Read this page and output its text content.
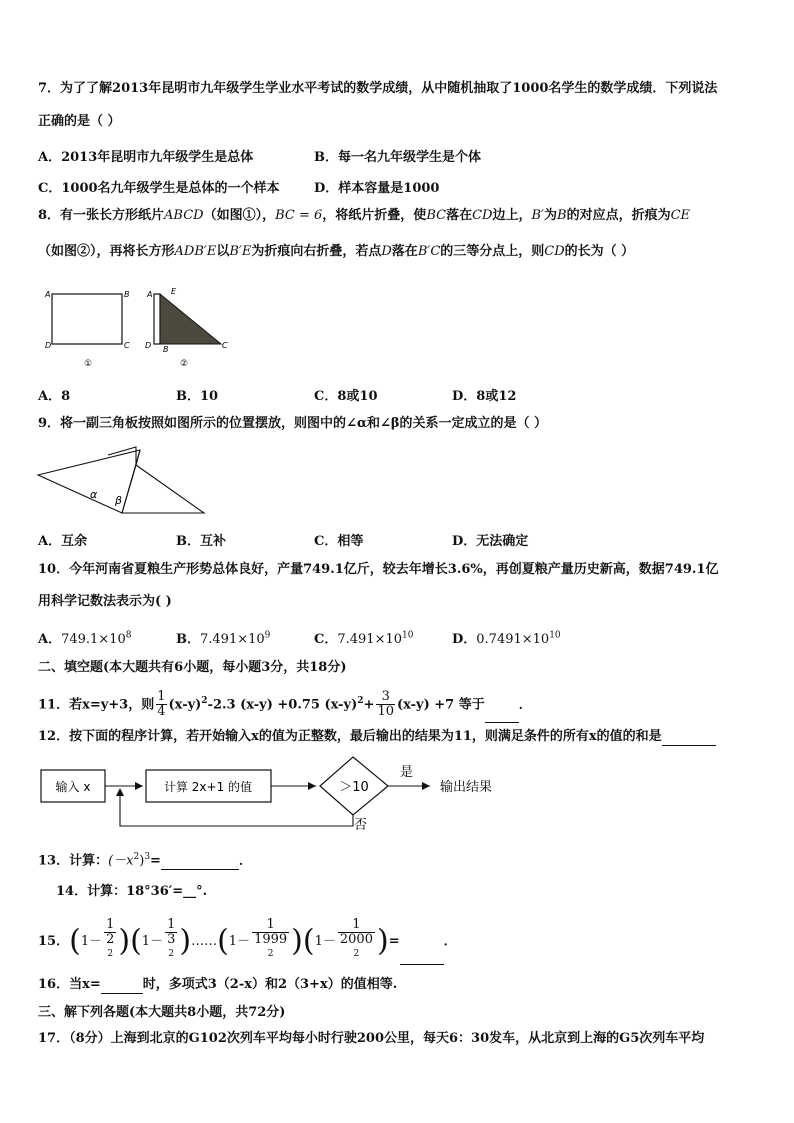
7．为了了解2013年昆明市九年级学生学业水平考试的数学成绩，从中随机抽取了1000名学生的数学成绩．下列说法
正确的是（ ）
A．2013年昆明市九年级学生是总体	B．每一名九年级学生是个体
C．1000名九年级学生是总体的一个样本	D．样本容量是1000
8．有一张长方形纸片ABCD（如图①），BC = 6，将纸片折叠，使BC落在CD边上，B′为B的对应点，折痕为CE
（如图②），再将长方形ADB′E以B′E为折痕向右折叠，若点D落在B′C的三等分点上，则CD的长为（ ）
A	B
D	C
①
A E
D B	C
②
A．8	B．10	C．8或10	D．8或12
9．将一副三角板按照如图所示的位置摆放，则图中的∠α和∠β的关系一定成立的是（ ）
α β
A．互余	B．互补	C．相等	D．无法确定
10．今年河南省夏粮生产形势总体良好，产量749.1亿斤，较去年增长3.6%，再创夏粮产量历史新高，数据749.1亿
用科学记数法表示为( )
A．$749.1\times 10^8$	B．$7.491\times 10^9$	C．$7.491\times 10^{10}$	D．$0.7491\times 10^{10}$
二、填空题(本大题共有6小题，每小题3分，共18分)
11．若x=y+3，则 $\frac{1}{4} (x-y)^2-2.3$ (x-y) +0.75 $(x-y)^2+ \frac{3}{10} (x-y) +7$ 等于	．
12．按下面的程序计算，若开始输入x的值为正整数，最后输出的结果为11，则满足条件的所有x的值的和是
输入 x	计算 2x+1 的值	＞10
是
输出结果
否
13．计算：$(-x^2)^3=$	．
14．计算：18°36′=__°.
15．(1－ 1
2
$^2$ )(1－ 1
3
$^2$ )……(1－ 1
1999
$^2$ )(1－ 1
2000
$^2$ )=	．
16．当x=	时，多项式3（2-x）和2（3+x）的值相等.
三、解下列各题(本大题共8小题，共72分)
17．（8分）上海到北京的G102次列车平均每小时行驶200公里，每天6：30发车，从北京到上海的G5次列车平均
